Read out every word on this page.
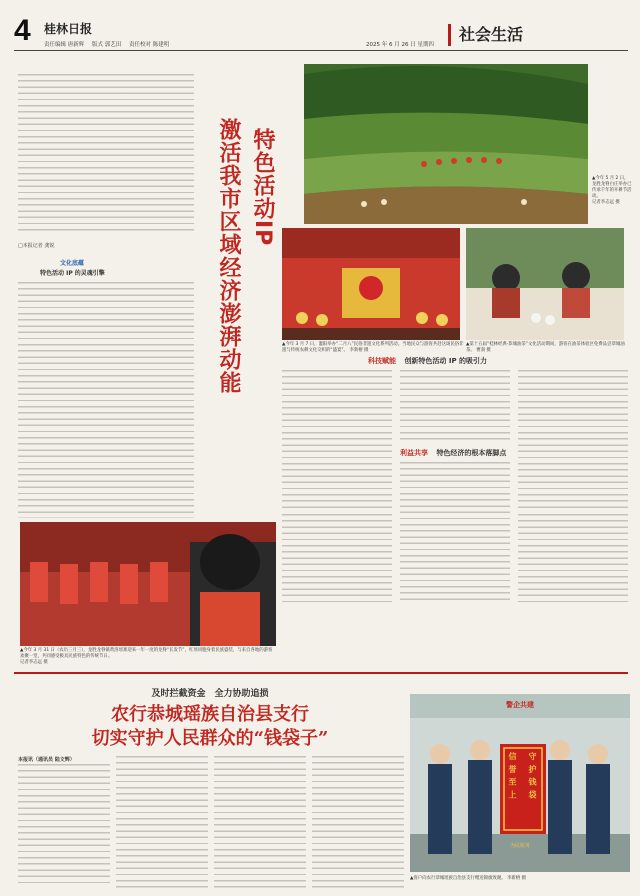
4 桂林日报
责任编辑 唐新辉 版式 郭艺田 责任校对 陈建明	2025 年 6 月 26 日 星期四
社会生活
□本报记者 龚锐
文化底蕴
特色活动 IP 的灵魂引擎	激活我市区域经济澎湃动能 特色活动IP	▲今年 5 月 2 日，龙胜龙脊白庄举办已传承千年的开耕节活动。
记者李志远 摄
▲今年 3 月 7 日，灌阳举办“二月八”民俗非遗文化系列活动。当地民众与游客共赴这场民俗非遗与传统农耕文化交织的“盛宴”。 李新榕 摄
▲第十五届“桂林经典·恭城油茶”文化活动期间，游客在油茶体验区免费品尝恭城油茶。 曹润 摄
科技赋能 创新特色活动 IP 的吸引力
利益共享 特色经济的根本落脚点
▲今年 3 月 31 日（农历三月三），龙胜龙脊镇黄洛瑶寨迎来一年一度的龙脊“长发节”，红瑶同胞身着民族盛装，与来自各地的游客欢聚一堂，共同感受极具民族特色的传统节日。
记者李志远 摄
及时拦截资金　全力协助追损
农行恭城瑶族自治县支行
切实守护人民群众的“钱袋子”
本报讯（通讯员 陆文辉）
警企共建
信 誉 至 上 守 护 钱 袋
为民服务
▲客户向农行恭城瑶族自治县支行赠送锦旗致谢。 李新榕 摄
